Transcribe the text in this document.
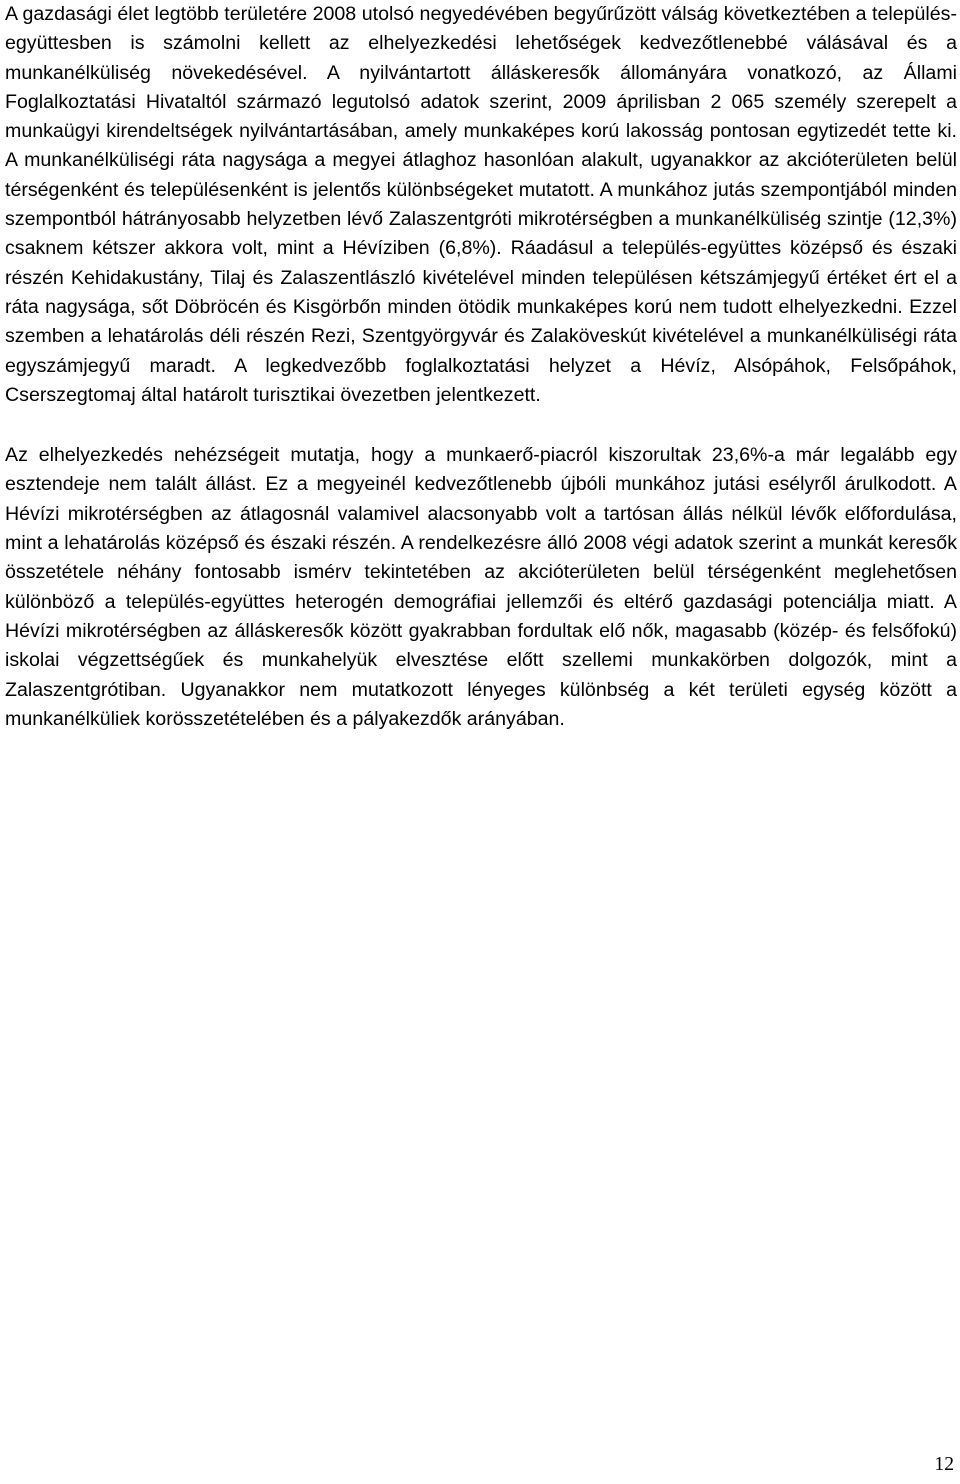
A gazdasági élet legtöbb területére 2008 utolsó negyedévében begyűrűzött válság következtében a település-együttesben is számolni kellett az elhelyezkedési lehetőségek kedvezőtlenebbé válásával és a munkanélküliség növekedésével. A nyilvántartott álláskeresők állományára vonatkozó, az Állami Foglalkoztatási Hivataltól származó legutolsó adatok szerint, 2009 áprilisban 2 065 személy szerepelt a munkaügyi kirendeltségek nyilvántartásában, amely munkaképes korú lakosság pontosan egytizedét tette ki. A munkanélküliségi ráta nagysága a megyei átlaghoz hasonlóan alakult, ugyanakkor az akcióterületen belül térségenként és településenként is jelentős különbségeket mutatott. A munkához jutás szempontjából minden szempontból hátrányosabb helyzetben lévő Zalaszentgróti mikrotérségben a munkanélküliség szintje (12,3%) csaknem kétszer akkora volt, mint a Hévíziben (6,8%). Ráadásul a település-együttes középső és északi részén Kehidakustány, Tilaj és Zalaszentlászló kivételével minden településen kétszámjegyű értéket ért el a ráta nagysága, sőt Döbröcén és Kisgörbőn minden ötödik munkaképes korú nem tudott elhelyezkedni. Ezzel szemben a lehatárolás déli részén Rezi, Szentgyörgyvár és Zalaköveskút kivételével a munkanélküliségi ráta egyszámjegyű maradt. A legkedvezőbb foglalkoztatási helyzet a Hévíz, Alsópáhok, Felsőpáhok, Cserszegtomaj által határolt turisztikai övezetben jelentkezett.

Az elhelyezkedés nehézségeit mutatja, hogy a munkaerő-piacról kiszorultak 23,6%-a már legalább egy esztendeje nem talált állást. Ez a megyeinél kedvezőtlenebb újbóli munkához jutási esélyről árulkodott. A Hévízi mikrotérségben az átlagosnál valamivel alacsonyabb volt a tartósan állás nélkül lévők előfordulása, mint a lehatárolás középső és északi részén. A rendelkezésre álló 2008 végi adatok szerint a munkát keresők összetétele néhány fontosabb ismérv tekintetében az akcióterületen belül térségenként meglehetősen különböző a település-együttes heterogén demográfiai jellemzői és eltérő gazdasági potenciálja miatt. A Hévízi mikrotérségben az álláskeresők között gyakrabban fordultak elő nők, magasabb (közép- és felsőfokú) iskolai végzettségűek és munkahelyük elvesztése előtt szellemi munkakörben dolgozók, mint a Zalaszentgrótiban. Ugyanakkor nem mutatkozott lényeges különbség a két területi egység között a munkanélküliek korösszetételében és a pályakezdők arányában.

12
